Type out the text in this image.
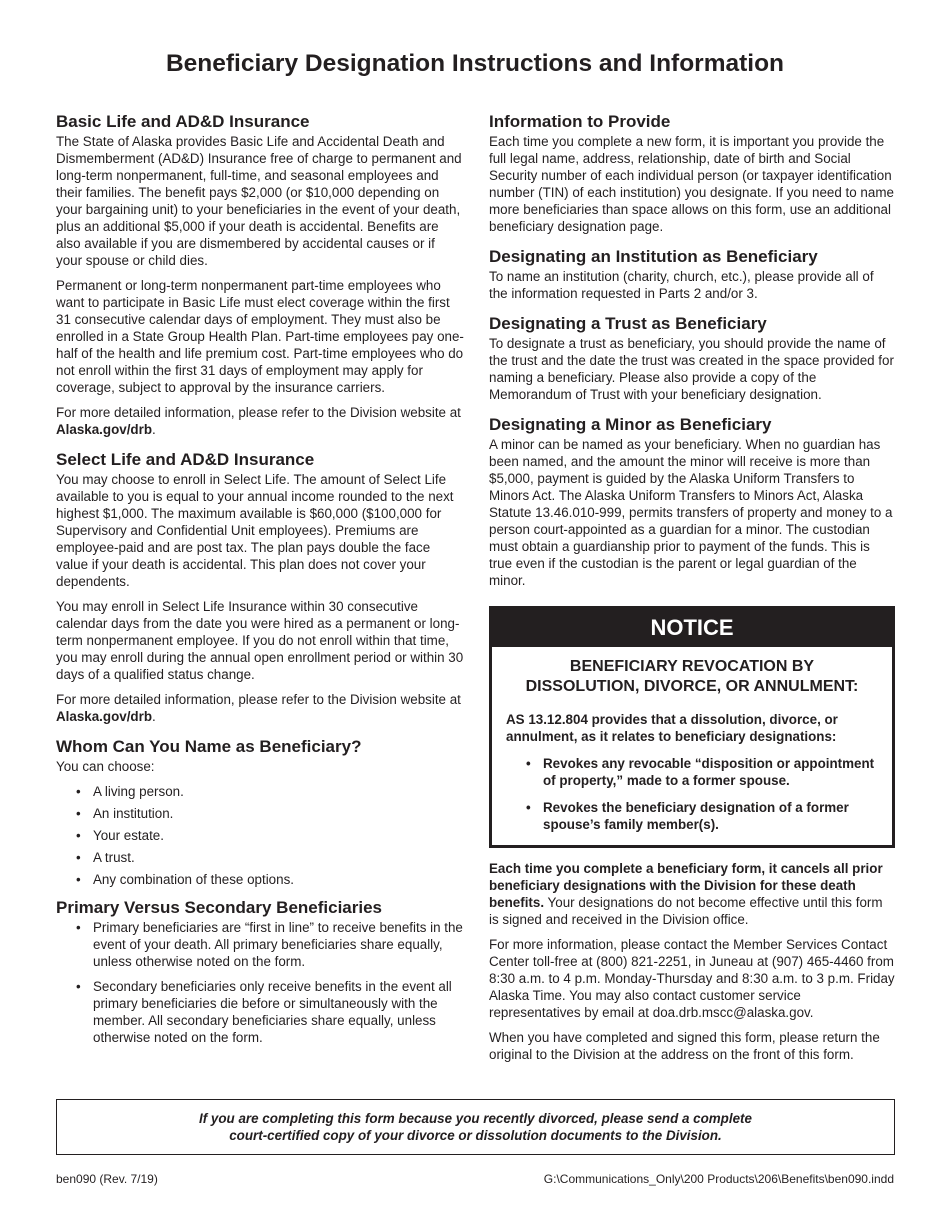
Beneficiary Designation Instructions and Information
Basic Life and AD&D Insurance

The State of Alaska provides Basic Life and Accidental Death and Dismemberment (AD&D) Insurance free of charge to permanent and long-term nonpermanent, full-time, and seasonal employees and their families. The benefit pays $2,000 (or $10,000 depending on your bargaining unit) to your beneficiaries in the event of your death, plus an additional $5,000 if your death is accidental. Benefits are also available if you are dismembered by accidental causes or if your spouse or child dies.

Permanent or long-term nonpermanent part-time employees who want to participate in Basic Life must elect coverage within the first 31 consecutive calendar days of employment. They must also be enrolled in a State Group Health Plan. Part-time employees pay one-half of the health and life premium cost. Part-time employees who do not enroll within the first 31 days of employment may apply for coverage, subject to approval by the insurance carriers.

For more detailed information, please refer to the Division website at Alaska.gov/drb.

Select Life and AD&D Insurance

You may choose to enroll in Select Life. The amount of Select Life available to you is equal to your annual income rounded to the next highest $1,000. The maximum available is $60,000 ($100,000 for Supervisory and Confidential Unit employees). Premiums are employee-paid and are post tax. The plan pays double the face value if your death is accidental. This plan does not cover your dependents.

You may enroll in Select Life Insurance within 30 consecutive calendar days from the date you were hired as a permanent or long-term nonpermanent employee. If you do not enroll within that time, you may enroll during the annual open enrollment period or within 30 days of a qualified status change.

For more detailed information, please refer to the Division website at Alaska.gov/drb.

Whom Can You Name as Beneficiary?

You can choose:

• A living person.
• An institution.
• Your estate.
• A trust.
• Any combination of these options.
Primary Versus Secondary Beneficiaries
• Primary beneficiaries are “first in line” to receive benefits in the event of your death. All primary beneficiaries share equally, unless otherwise noted on the form.
• Secondary beneficiaries only receive benefits in the event all primary beneficiaries die before or simultaneously with the member. All secondary beneficiaries share equally, unless otherwise noted on the form.
Information to Provide

Each time you complete a new form, it is important you provide the full legal name, address, relationship, date of birth and Social Security number of each individual person (or taxpayer identification number (TIN) of each institution) you designate. If you need to name more beneficiaries than space allows on this form, use an additional beneficiary designation page.

Designating an Institution as Beneficiary

To name an institution (charity, church, etc.), please provide all of the information requested in Parts 2 and/or 3.

Designating a Trust as Beneficiary

To designate a trust as beneficiary, you should provide the name of the trust and the date the trust was created in the space provided for naming a beneficiary. Please also provide a copy of the Memorandum of Trust with your beneficiary designation.

Designating a Minor as Beneficiary

A minor can be named as your beneficiary. When no guardian has been named, and the amount the minor will receive is more than $5,000, payment is guided by the Alaska Uniform Transfers to Minors Act. The Alaska Uniform Transfers to Minors Act, Alaska Statute 13.46.010-999, permits transfers of property and money to a person court-appointed as a guardian for a minor. The custodian must obtain a guardianship prior to payment of the funds. This is true even if the custodian is the parent or legal guardian of the minor.

NOTICE
BENEFICIARY REVOCATION BY
DISSOLUTION, DIVORCE, OR ANNULMENT:

AS 13.12.804 provides that a dissolution, divorce, or annulment, as it relates to beneficiary designations:

• Revokes any revocable “disposition or appointment of property,” made to a former spouse.
• Revokes the beneficiary designation of a former spouse’s family member(s).

Each time you complete a beneficiary form, it cancels all prior beneficiary designations with the Division for these death benefits. Your designations do not become effective until this form is signed and received in the Division office.

For more information, please contact the Member Services Contact Center toll-free at (800) 821-2251, in Juneau at (907) 465-4460 from 8:30 a.m. to 4 p.m. Monday-Thursday and 8:30 a.m. to 3 p.m. Friday Alaska Time. You may also contact customer service representatives by email at doa.drb.mscc@alaska.gov.

When you have completed and signed this form, please return the original to the Division at the address on the front of this form.

If you are completing this form because you recently divorced, please send a complete
court-certified copy of your divorce or dissolution documents to the Division.
ben090 (Rev. 7/19)	G:\Communications_Only\200 Products\206\Benefits\ben090.indd
